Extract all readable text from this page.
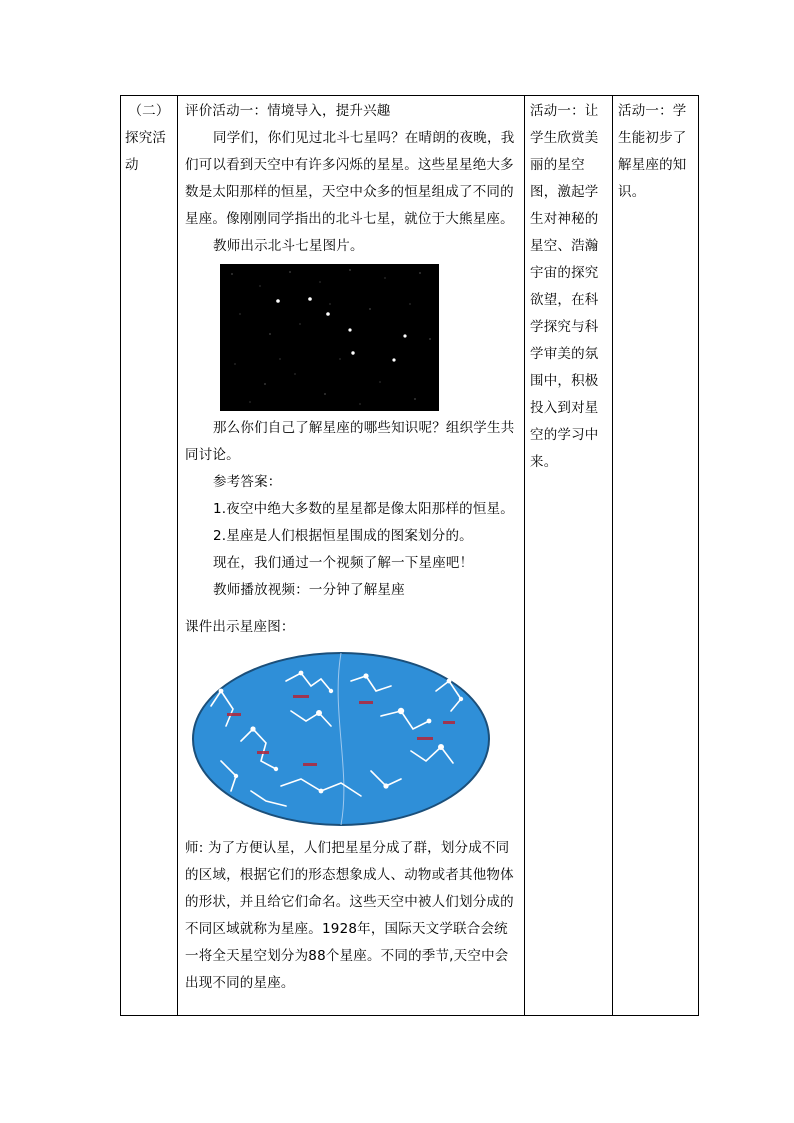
（二）
探究活动
评价活动一：情境导入，提升兴趣
同学们，你们见过北斗七星吗？在晴朗的夜晚，我们可以看到天空中有许多闪烁的星星。这些星星绝大多数是太阳那样的恒星，天空中众多的恒星组成了不同的星座。像刚刚同学指出的北斗七星，就位于大熊星座。
教师出示北斗七星图片。
那么你们自己了解星座的哪些知识呢？组织学生共同讨论。
参考答案：
1.夜空中绝大多数的星星都是像太阳那样的恒星。
2.星座是人们根据恒星围成的图案划分的。
现在，我们通过一个视频了解一下星座吧！
教师播放视频：一分钟了解星座
课件出示星座图：
师: 为了方便认星，人们把星星分成了群，划分成不同的区域，根据它们的形态想象成人、动物或者其他物体的形状，并且给它们命名。这些天空中被人们划分成的不同区域就称为星座。1928年，国际天文学联合会统一将全天星空划分为88个星座。不同的季节,天空中会出现不同的星座。
活动一：让学生欣赏美丽的星空图，激起学生对神秘的星空、浩瀚宇宙的探究欲望，在科学探究与科学审美的氛围中，积极投入到对星空的学习中来。
活动一：学生能初步了解星座的知识。
